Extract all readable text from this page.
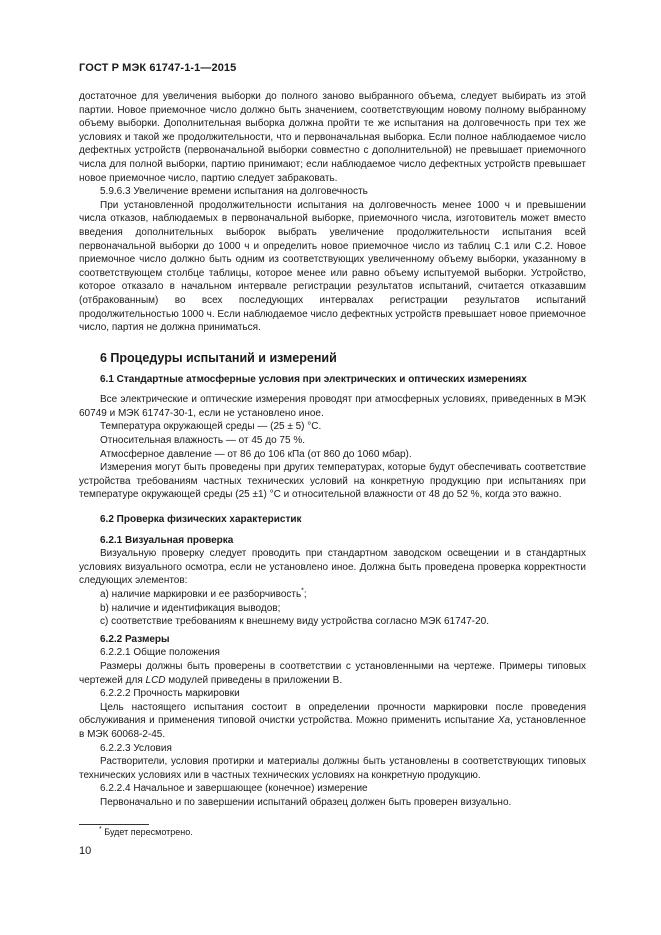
ГОСТ Р МЭК 61747-1-1—2015
достаточное для увеличения выборки до полного заново выбранного объема, следует выбирать из этой партии. Новое приемочное число должно быть значением, соответствующим новому полному выбранному объему выборки. Дополнительная выборка должна пройти те же испытания на долговечность при тех же условиях и такой же продолжительности, что и первоначальная выборка. Если полное наблюдаемое число дефектных устройств (первоначальной выборки совместно с дополнительной) не превышает приемочного числа для полной выборки, партию принимают; если наблюдаемое число дефектных устройств превышает новое приемочное число, партию следует забраковать.
5.9.6.3 Увеличение времени испытания на долговечность
При установленной продолжительности испытания на долговечность менее 1000 ч и превышении числа отказов, наблюдаемых в первоначальной выборке, приемочного числа, изготовитель может вместо введения дополнительных выборок выбрать увеличение продолжительности испытания всей первоначальной выборки до 1000 ч и определить новое приемочное число из таблиц С.1 или С.2. Новое приемочное число должно быть одним из соответствующих увеличенному объему выборки, указанному в соответствующем столбце таблицы, которое менее или равно объему испытуемой выборки. Устройство, которое отказало в начальном интервале регистрации результатов испытаний, считается отказавшим (отбракованным) во всех последующих интервалах регистрации результатов испытаний продолжительностью 1000 ч. Если наблюдаемое число дефектных устройств превышает новое приемочное число, партия не должна приниматься.
6 Процедуры испытаний и измерений
6.1 Стандартные атмосферные условия при электрических и оптических измерениях
Все электрические и оптические измерения проводят при атмосферных условиях, приведенных в МЭК 60749 и МЭК 61747-30-1, если не установлено иное.
Температура окружающей среды — (25 ± 5) °C.
Относительная влажность — от 45 до 75 %.
Атмосферное давление — от 86 до 106 кПа (от 860 до 1060 мбар).
Измерения могут быть проведены при других температурах, которые будут обеспечивать соответствие устройства требованиям частных технических условий на конкретную продукцию при испытаниях при температуре окружающей среды (25 ±1) °C и относительной влажности от 48 до 52 %, когда это важно.
6.2 Проверка физических характеристик
6.2.1 Визуальная проверка
Визуальную проверку следует проводить при стандартном заводском освещении и в стандартных условиях визуального осмотра, если не установлено иное. Должна быть проведена проверка корректности следующих элементов:
a) наличие маркировки и ее разборчивость*;
b) наличие и идентификация выводов;
c) соответствие требованиям к внешнему виду устройства согласно МЭК 61747-20.
6.2.2 Размеры
6.2.2.1 Общие положения
Размеры должны быть проверены в соответствии с установленными на чертеже. Примеры типовых чертежей для LCD модулей приведены в приложении В.
6.2.2.2 Прочность маркировки
Цель настоящего испытания состоит в определении прочности маркировки после проведения обслуживания и применения типовой очистки устройства. Можно применить испытание Xa, установленное в МЭК 60068-2-45.
6.2.2.3 Условия
Растворители, условия протирки и материалы должны быть установлены в соответствующих типовых технических условиях или в частных технических условиях на конкретную продукцию.
6.2.2.4 Начальное и завершающее (конечное) измерение
Первоначально и по завершении испытаний образец должен быть проверен визуально.
* Будет пересмотрено.
10
